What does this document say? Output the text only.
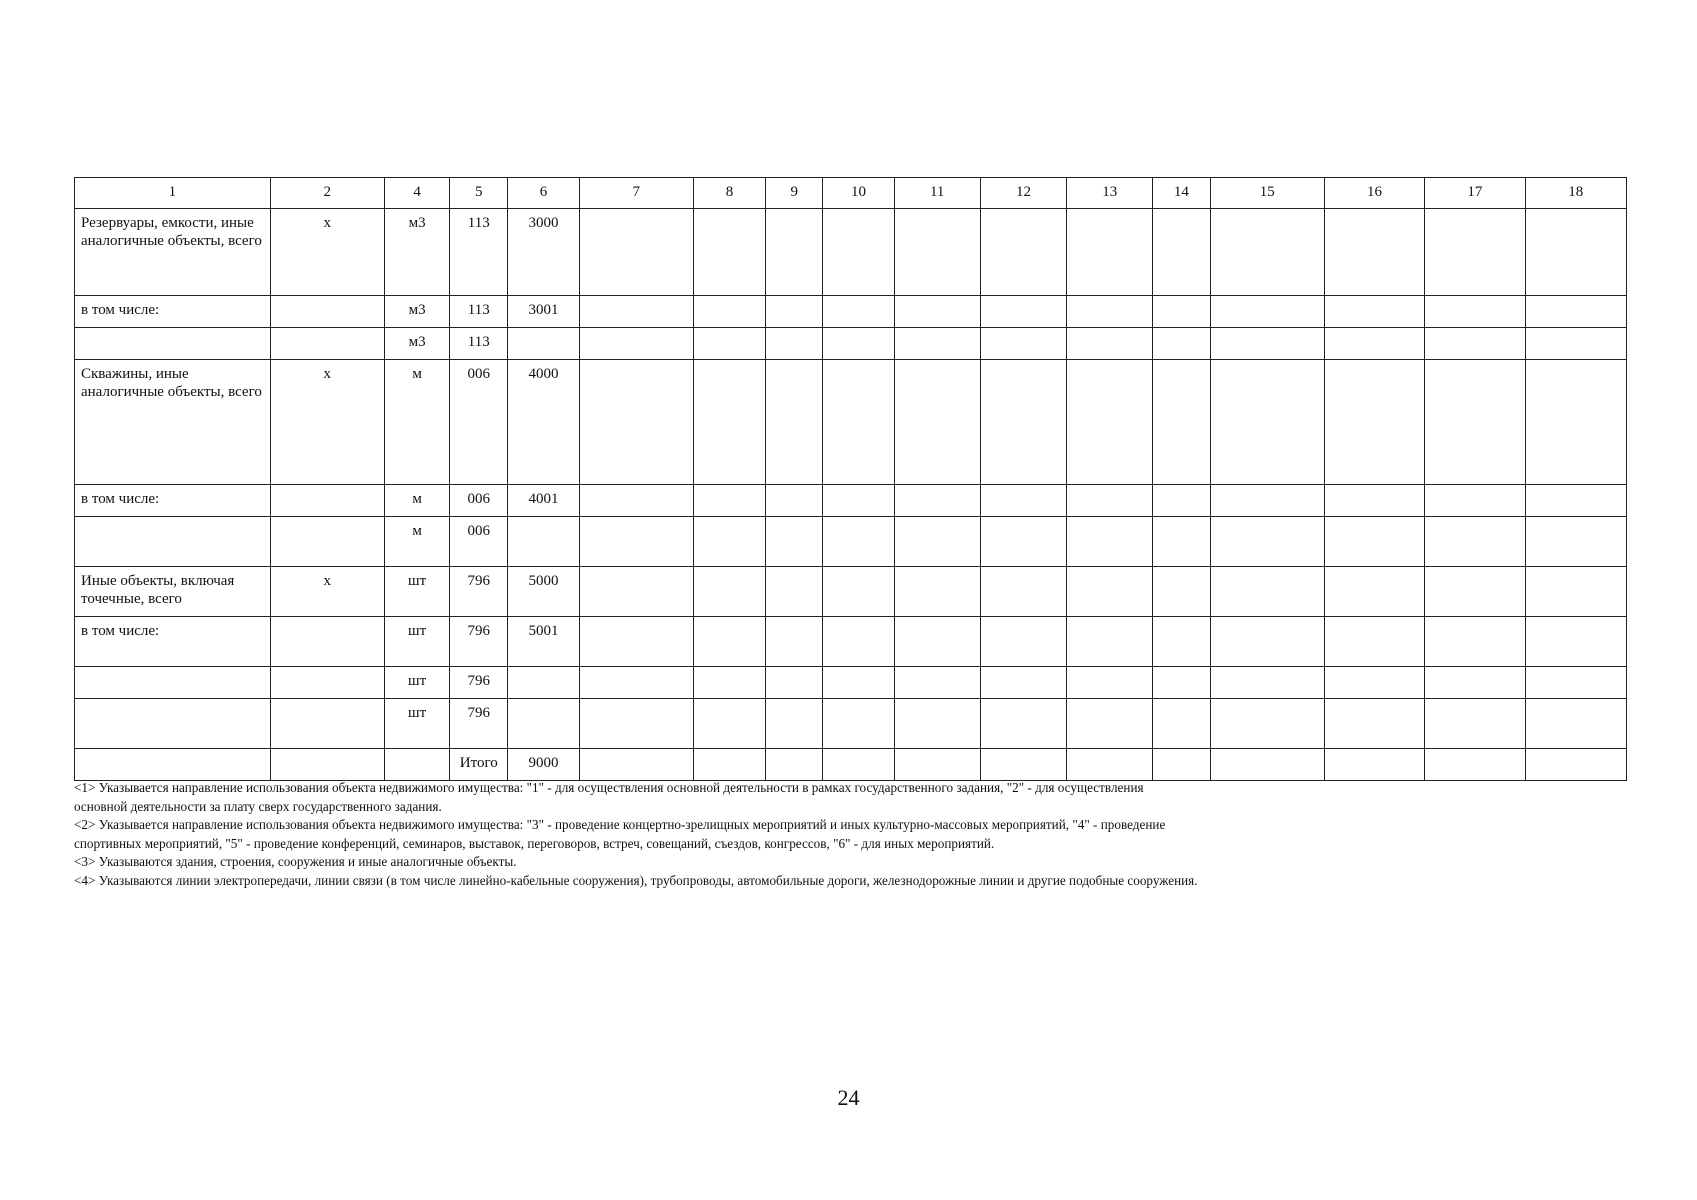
1	2	4	5	6	7	8	9	10	11	12	13	14	15	16	17	18
Резервуары, емкости, иные аналогичные объекты, всего	x	м3	113	3000												
в том числе:		м3	113	3001												
		м3	113													
Скважины, иные аналогичные объекты, всего	x	м	006	4000												
в том числе:		м	006	4001												
		м	006													
Иные объекты, включая точечные, всего	x	шт	796	5000												
в том числе:		шт	796	5001												
		шт	796													
		шт	796													
			Итого	9000												
<1> Указывается направление использования объекта недвижимого имущества: "1" - для осуществления основной деятельности в рамках государственного задания, "2" - для осуществления
основной деятельности за плату сверх государственного задания.
<2> Указывается направление использования объекта недвижимого имущества: "3" - проведение концертно-зрелищных мероприятий и иных культурно-массовых мероприятий, "4" - проведение
спортивных мероприятий, "5" - проведение конференций, семинаров, выставок, переговоров, встреч, совещаний, съездов, конгрессов, "6" - для иных мероприятий.
<3> Указываются здания, строения, сооружения и иные аналогичные объекты.
<4> Указываются линии электропередачи, линии связи (в том числе линейно-кабельные сооружения), трубопроводы, автомобильные дороги, железнодорожные линии и другие подобные сооружения.
24
